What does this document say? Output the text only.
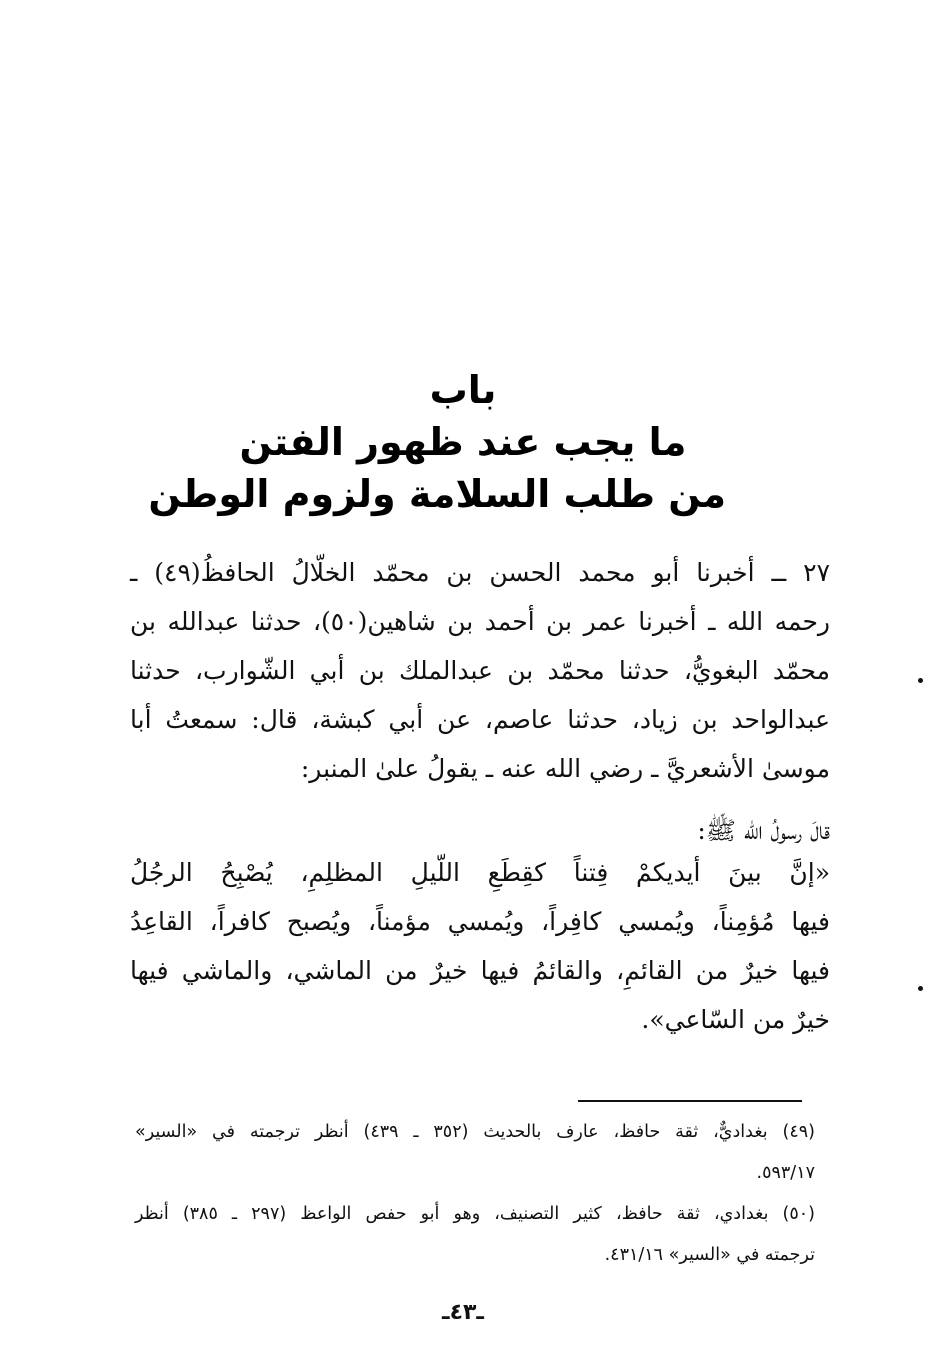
باب
ما يجب عند ظهور الفتن
من طلب السلامة ولزوم الوطن
٢٧ ــ أخبرنا أبو محمد الحسن بن محمّد الخلّالُ الحافظُ(٤٩) ـ
رحمه الله ـ أخبرنا عمر بن أحمد بن شاهين(٥٠)، حدثنا عبدالله بن
محمّد البغويُّ، حدثنا محمّد بن عبدالملك بن أبي الشّوارب، حدثنا
عبدالواحد بن زياد، حدثنا عاصم، عن أبي كبشة، قال: سمعتُ أبا
موسىٰ الأشعريَّ ـ رضي الله عنه ـ يقولُ علىٰ المنبر:
قالَ رسولُ الله ﷺ:
«إنَّ بينَ أيديكمْ فِتناً كقِطَعِ اللّيلِ المظلِمِ، يُصْبِحُ الرجُلُ
فيها مُؤمِناً، ويُمسي كافِراً، ويُمسي مؤمناً، ويُصبح كافراً، القاعِدُ
فيها خيرٌ من القائمِ، والقائمُ فيها خيرٌ من الماشي، والماشي فيها
خيرٌ من السّاعي».
(٤٩) بغداديٌّ، ثقة حافظ، عارف بالحديث (٣٥٢ ـ ٤٣٩) أنظر ترجمته في «السير»
٥٩٣/١٧.
(٥٠) بغدادي، ثقة حافظ، كثير التصنيف، وهو أبو حفص الواعظ (٢٩٧ ـ ٣٨٥) أنظر
ترجمته في «السير» ٤٣١/١٦.
ـ٤٣ـ
